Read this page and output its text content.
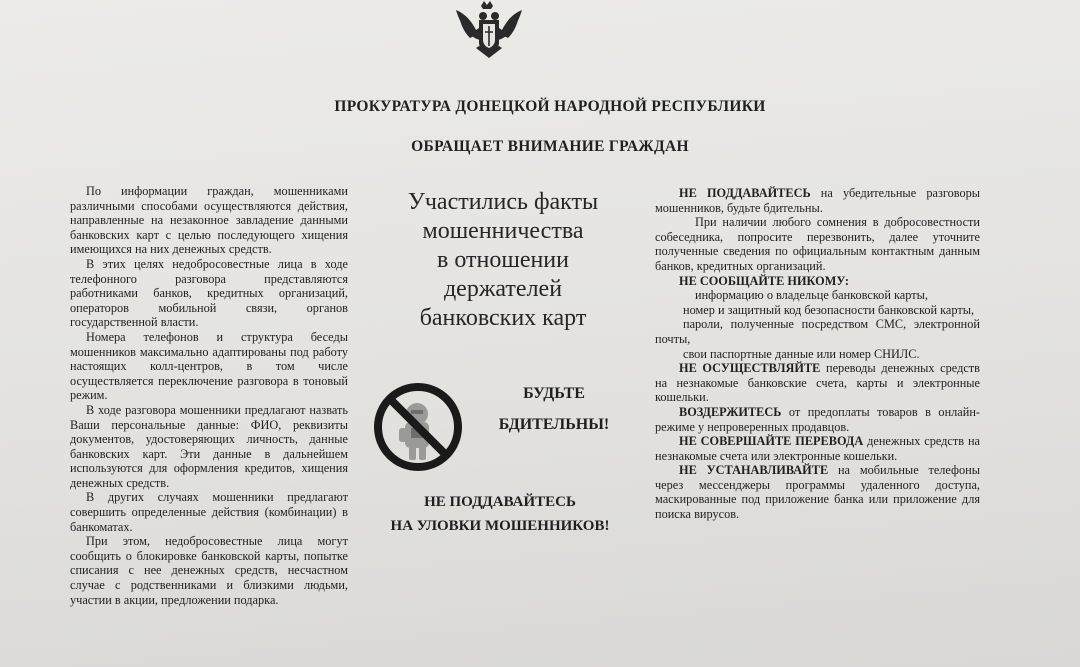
ПРОКУРАТУРА ДОНЕЦКОЙ НАРОДНОЙ РЕСПУБЛИКИ
ОБРАЩАЕТ ВНИМАНИЕ ГРАЖДАН

По информации граждан, мошенниками различными способами осуществляются действия, направленные на незаконное завладение данными банковских карт с целью последующего хищения имеющихся на них денежных средств.

В этих целях недобросовестные лица в ходе телефонного разговора представляются работниками банков, кредитных организаций, операторов мобильной связи, органов государственной власти.

Номера телефонов и структура беседы мошенников максимально адаптированы под работу настоящих колл-центров, в том числе осуществляется переключение разговора в тоновый режим.

В ходе разговора мошенники предлагают назвать Ваши персональные данные: ФИО, реквизиты документов, удостоверяющих личность, данные банковских карт. Эти данные в дальнейшем используются для оформления кредитов, хищения денежных средств.

В других случаях мошенники предлагают совершить определенные действия (комбинации) в банкоматах.

При этом, недобросовестные лица могут сообщить о блокировке банковской карты, попытке списания с нее денежных средств, несчастном случае с родственниками и близкими людьми, участии в акции, предложении подарка.

Участились факты
мошенничества
в отношении
держателей
банковских карт
БУДЬТЕ
БДИТЕЛЬНЫ!
НЕ ПОДДАВАЙТЕСЬ
НА УЛОВКИ МОШЕННИКОВ!

НЕ ПОДДАВАЙТЕСЬ на убедительные разговоры мошенников, будьте бдительны.

При наличии любого сомнения в добросовестности собеседника, попросите перезвонить, далее уточните полученные сведения по официальным контактным данным банков, кредитных организаций.

НЕ СООБЩАЙТЕ НИКОМУ:

информацию о владельце банковской карты,

номер и защитный код безопасности банковской карты,

пароли, полученные посредством СМС, электронной почты,

свои паспортные данные или номер СНИЛС.

НЕ ОСУЩЕСТВЛЯЙТЕ переводы денежных средств на незнакомые банковские счета, карты и электронные кошельки.

ВОЗДЕРЖИТЕСЬ от предоплаты товаров в онлайн-режиме у непроверенных продавцов.

НЕ СОВЕРШАЙТЕ ПЕРЕВОДА денежных средств на незнакомые счета или электронные кошельки.

НЕ УСТАНАВЛИВАЙТЕ на мобильные телефоны через мессенджеры программы удаленного доступа, маскированные под приложение банка или приложение для поиска вирусов.
